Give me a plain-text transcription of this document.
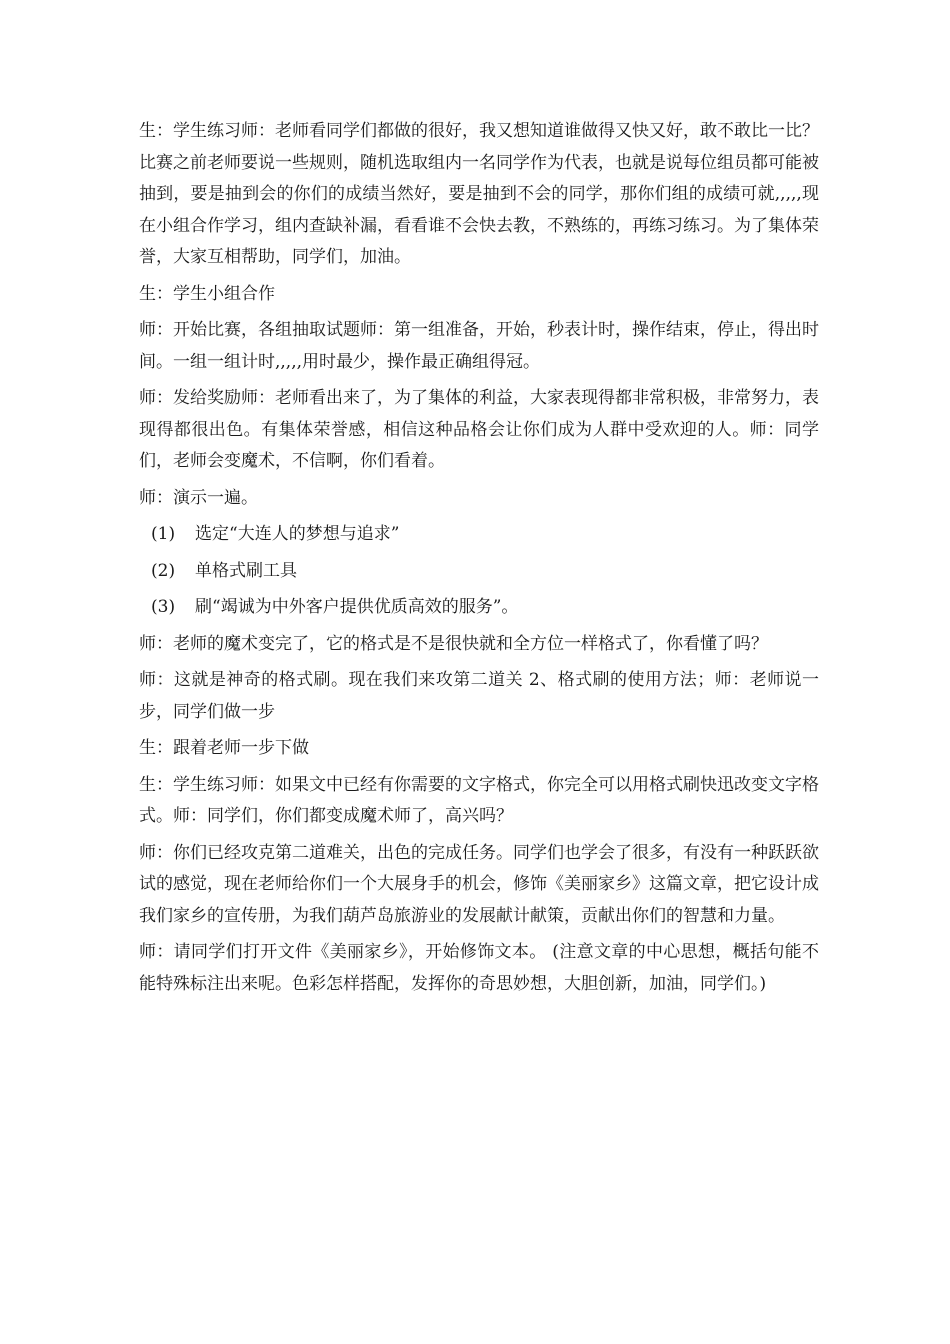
生：学生练习师：老师看同学们都做的很好，我又想知道谁做得又快又好，敢不敢比一比？比赛之前老师要说一些规则，随机选取组内一名同学作为代表，也就是说每位组员都可能被抽到，要是抽到会的你们的成绩当然好，要是抽到不会的同学，那你们组的成绩可就,,,,,现在小组合作学习，组内查缺补漏，看看谁不会快去教，不熟练的，再练习练习。为了集体荣誉，大家互相帮助，同学们，加油。

生：学生小组合作

师：开始比赛，各组抽取试题师：第一组准备，开始，秒表计时，操作结束，停止，得出时间。一组一组计时,,,,,用时最少，操作最正确组得冠。

师：发给奖励师：老师看出来了，为了集体的利益，大家表现得都非常积极，非常努力，表现得都很出色。有集体荣誉感，相信这种品格会让你们成为人群中受欢迎的人。师：同学们，老师会变魔术，不信啊，你们看着。

师：演示一遍。

(1) 选定“大连人的梦想与追求”
(2) 单格式刷工具
(3) 刷“竭诚为中外客户提供优质高效的服务”。

师：老师的魔术变完了，它的格式是不是很快就和全方位一样格式了，你看懂了吗？

师：这就是神奇的格式刷。现在我们来攻第二道关 2、格式刷的使用方法；师：老师说一步，同学们做一步

生：跟着老师一步下做

生：学生练习师：如果文中已经有你需要的文字格式，你完全可以用格式刷快迅改变文字格式。师：同学们，你们都变成魔术师了，高兴吗？

师：你们已经攻克第二道难关，出色的完成任务。同学们也学会了很多，有没有一种跃跃欲试的感觉，现在老师给你们一个大展身手的机会，修饰《美丽家乡》这篇文章，把它设计成我们家乡的宣传册，为我们葫芦岛旅游业的发展献计献策，贡献出你们的智慧和力量。

师：请同学们打开文件《美丽家乡》，开始修饰文本。 (注意文章的中心思想，概括句能不能特殊标注出来呢。色彩怎样搭配，发挥你的奇思妙想，大胆创新，加油，同学们。)
